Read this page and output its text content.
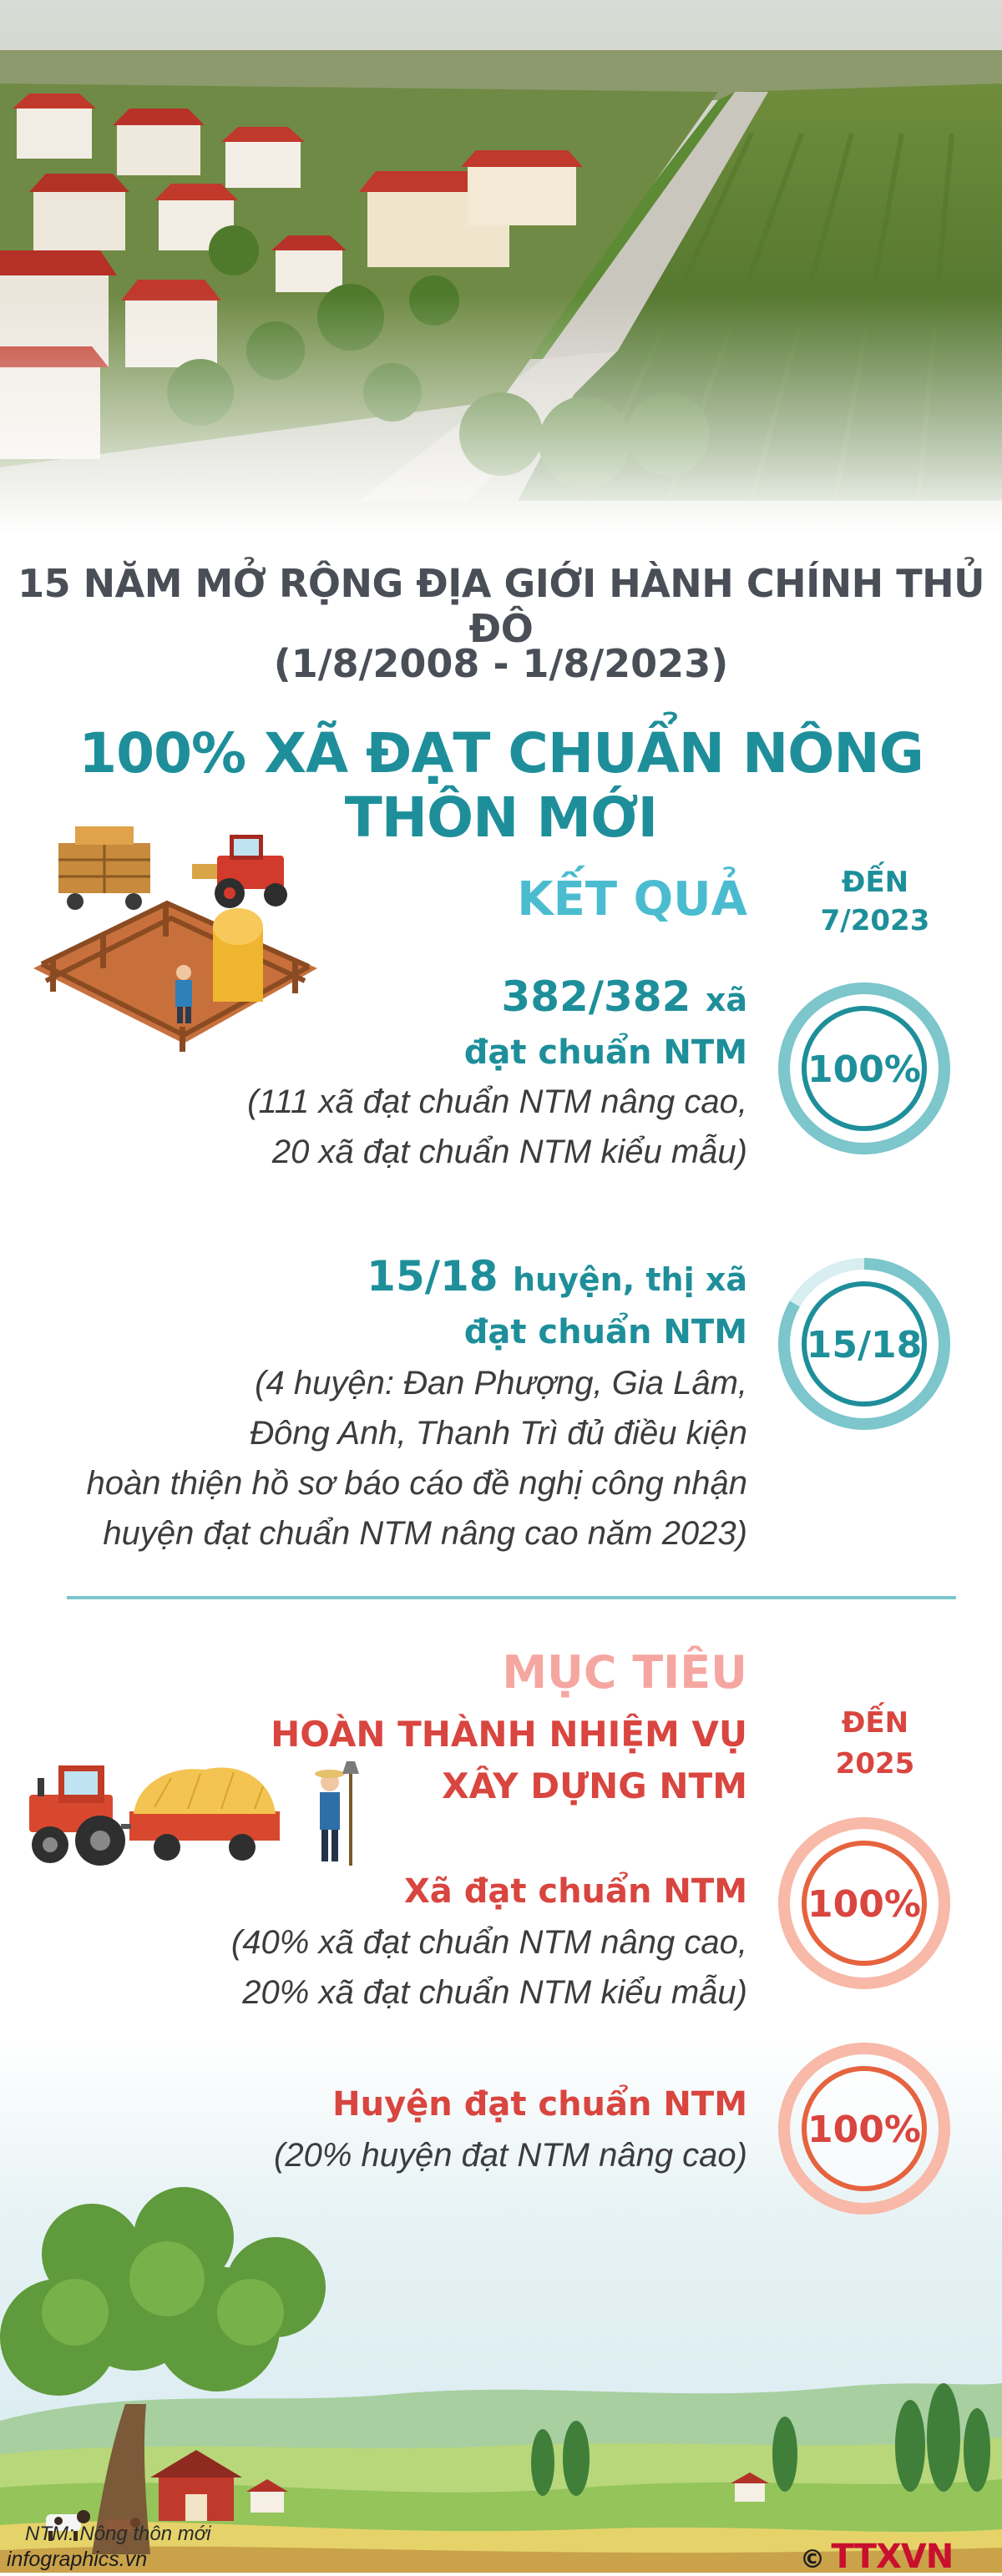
15 NĂM MỞ RỘNG ĐỊA GIỚI HÀNH CHÍNH THỦ ĐÔ
(1/8/2008 - 1/8/2023)
100% XÃ ĐẠT CHUẨN NÔNG THÔN MỚI
KẾT QUẢ	ĐẾN
7/2023
382/382 xã
đạt chuẩn NTM
(111 xã đạt chuẩn NTM nâng cao,
20 xã đạt chuẩn NTM kiểu mẫu)
15/18 huyện, thị xã
đạt chuẩn NTM
(4 huyện: Đan Phượng, Gia Lâm,
Đông Anh, Thanh Trì đủ điều kiện
hoàn thiện hồ sơ báo cáo đề nghị công nhận
huyện đạt chuẩn NTM nâng cao năm 2023)
100%
15/18
MỤC TIÊU
HOÀN THÀNH NHIỆM VỤ
XÂY DỰNG NTM
ĐẾN
2025
Xã đạt chuẩn NTM
(40% xã đạt chuẩn NTM nâng cao,
20% xã đạt chuẩn NTM kiểu mẫu)
100%
Huyện đạt chuẩn NTM
(20% huyện đạt NTM nâng cao)
100%
NTM: Nông thôn mới
infographics.vn	© TTXVN
